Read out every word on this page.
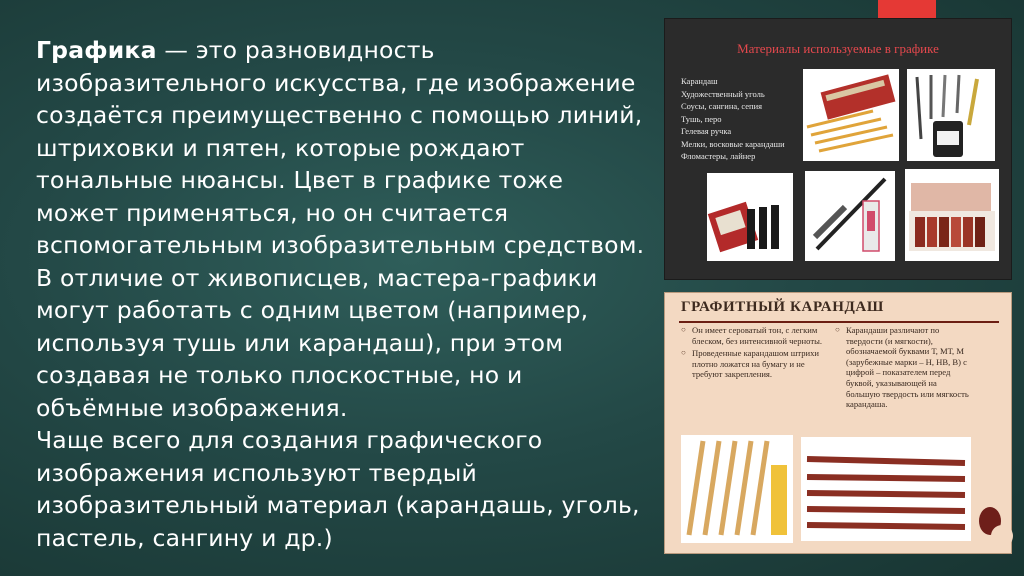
Графика — это разновидность изобразительного искусства, где изображение создаётся преимущественно с помощью линий, штриховки и пятен, которые рождают тональные нюансы. Цвет в графике тоже может применяться, но он считается вспомогательным изобразительным средством. В отличие от живописцев, мастера-графики могут работать с одним цветом (например, используя тушь или карандаш), при этом создавая не только плоскостные, но и объёмные изображения.

Чаще всего для создания графического изображения используют твердый изобразительный материал (карандашь, уголь, пастель, сангину и др.)

Материалы используемые в графике
Карандаш
Художественный уголь
Соусы, сангина, сепия
Тушь, перо
Гелевая ручка
Мелки, восковые карандаши
Фломастеры, лайнер
ГРАФИТНЫЙ КАРАНДАШ
○ Он имеет сероватый тон, с легким блеском, без интенсивной черноты.
○ Проведенные карандашом штрихи плотно ложатся на бумагу и не требуют закрепления.
○ Карандаши различают по твердости (и мягкости), обозначаемой буквами Т, МТ, М (зарубежные марки – Н, НВ, В) с цифрой – показателем перед буквой, указывающей на большую твердость или мягкость карандаша.
